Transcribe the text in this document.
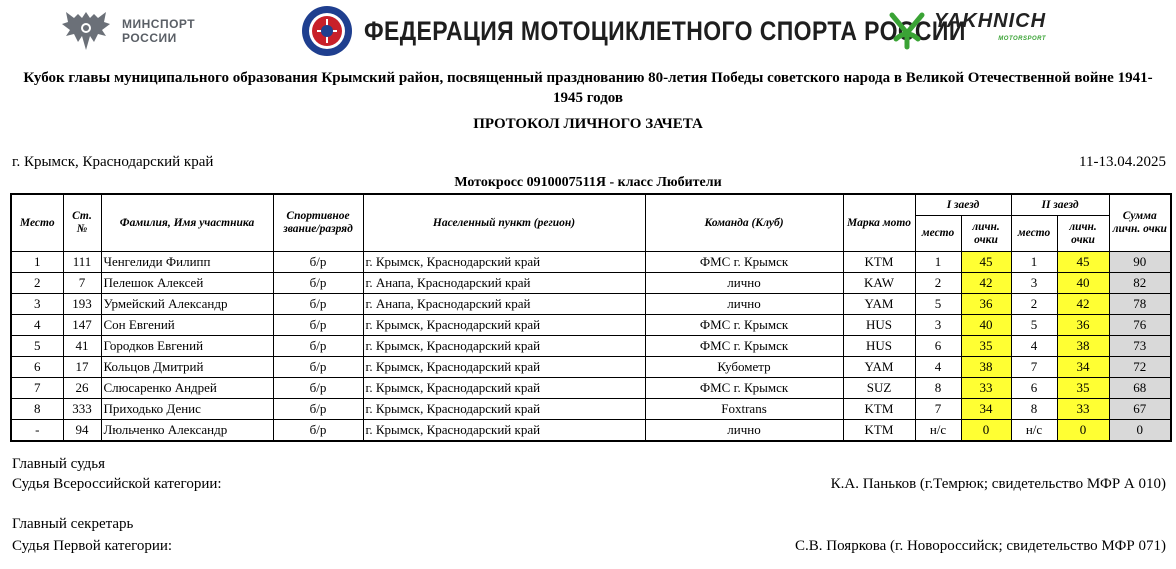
МИНСПОРТ
РОССИИ	ФЕДЕРАЦИЯ МОТОЦИКЛЕТНОГО СПОРТА РОССИИ
YAKHNICH
MOTORSPORT
Кубок главы муниципального образования Крымский район, посвященный празднованию 80-летия Победы советского народа в Великой Отечественной войне 1941-1945 годов
ПРОТОКОЛ ЛИЧНОГО ЗАЧЕТА
г. Крымск, Краснодарский край	11-13.04.2025
Мотокросс 0910007511Я - класс Любители
Место	Ст. №	Фамилия, Имя участника	Спортивное звание/разряд	Населенный пункт (регион)	Команда (Клуб)	Марка мото	I заезд		II заезд		Сумма личн. очки
							место	личн. очки	место	личн. очки	
1	111	Ченгелиди Филипп	б/р	г. Крымск, Краснодарский край	ФМС г. Крымск	KTM	1	45	1	45	90
2	7	Пелешок Алексей	б/р	г. Анапа, Краснодарский край	лично	KAW	2	42	3	40	82
3	193	Урмейский Александр	б/р	г. Анапа, Краснодарский край	лично	YAM	5	36	2	42	78
4	147	Сон Евгений	б/р	г. Крымск, Краснодарский край	ФМС г. Крымск	HUS	3	40	5	36	76
5	41	Городков Евгений	б/р	г. Крымск, Краснодарский край	ФМС г. Крымск	HUS	6	35	4	38	73
6	17	Кольцов Дмитрий	б/р	г. Крымск, Краснодарский край	Кубометр	YAM	4	38	7	34	72
7	26	Слюсаренко Андрей	б/р	г. Крымск, Краснодарский край	ФМС г. Крымск	SUZ	8	33	6	35	68
8	333	Приходько Денис	б/р	г. Крымск, Краснодарский край	Foxtrans	KTM	7	34	8	33	67
-	94	Люльченко Александр	б/р	г. Крымск, Краснодарский край	лично	KTM	н/с	0	н/с	0	0
Главный судья
Судья Всероссийской категории:	К.А. Паньков (г.Темрюк; свидетельство МФР А 010)
Главный секретарь
Судья Первой категории:	С.В. Пояркова (г. Новороссийск; свидетельство МФР 071)
